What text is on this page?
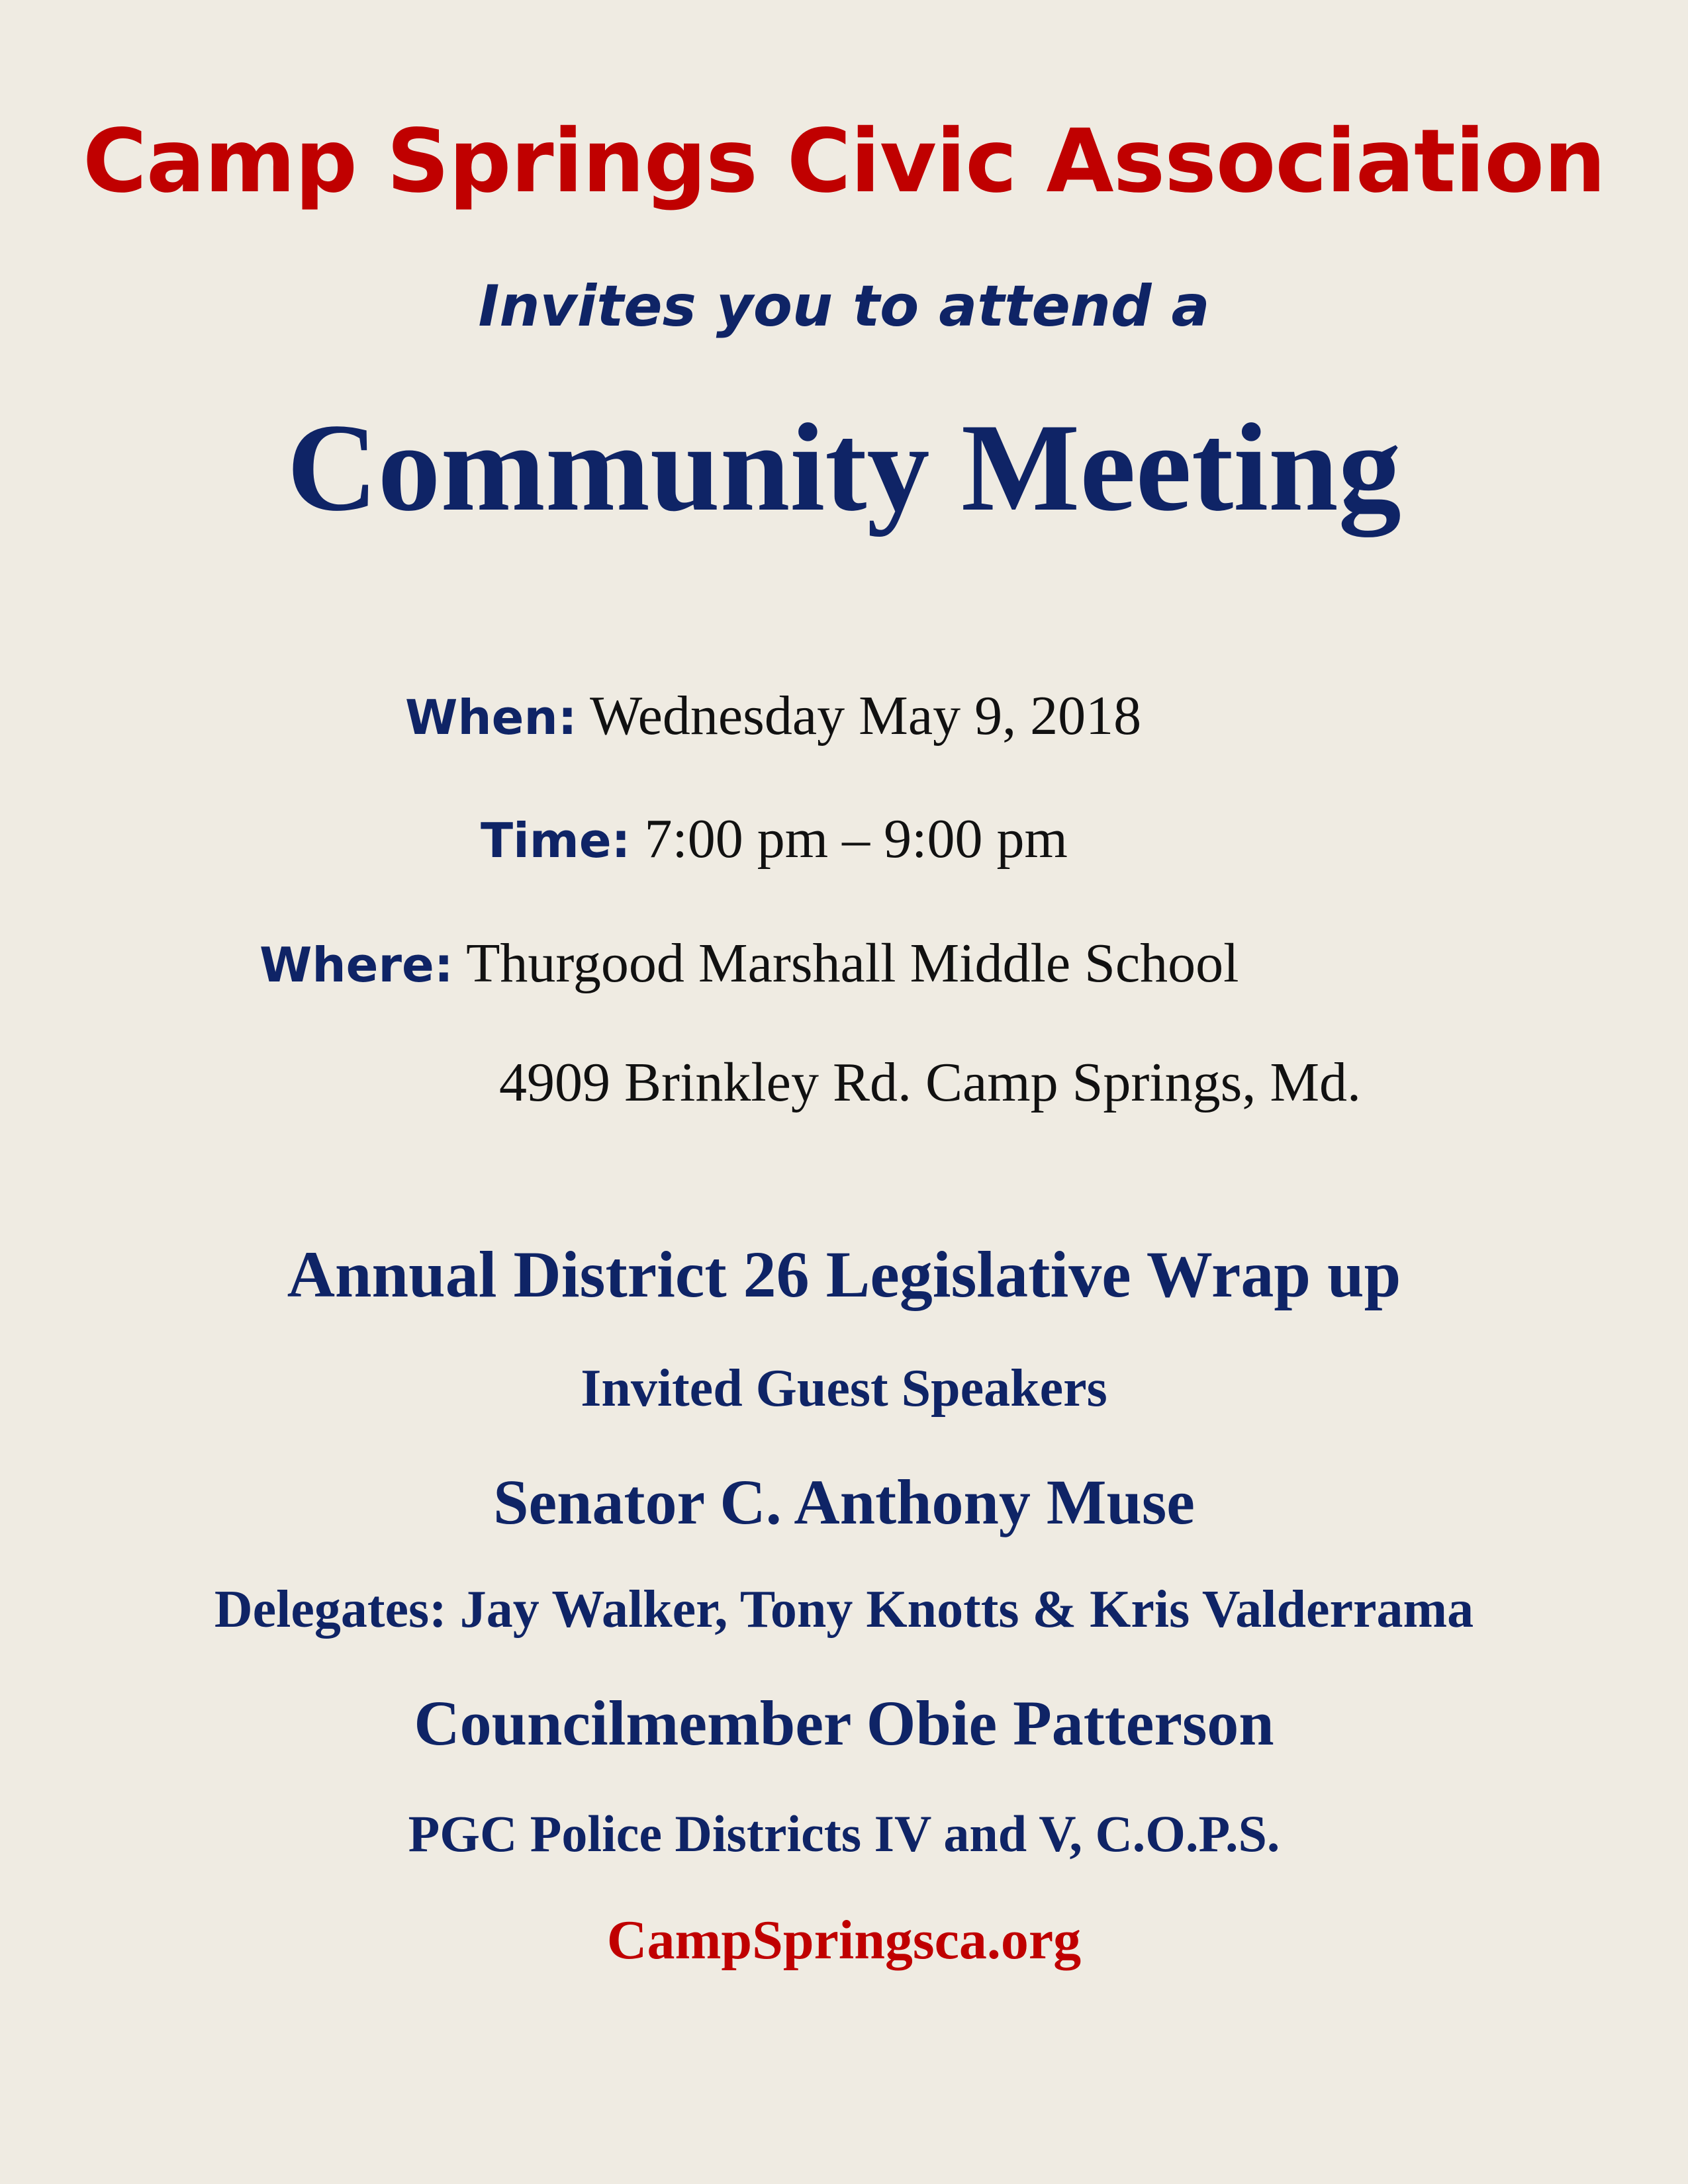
Camp Springs Civic Association
Invites you to attend a
Community Meeting
When: Wednesday May 9, 2018
Time: 7:00 pm – 9:00 pm
Where: Thurgood Marshall Middle School
4909 Brinkley Rd. Camp Springs, Md.
Annual District 26 Legislative Wrap up
Invited Guest Speakers
Senator C. Anthony Muse
Delegates: Jay Walker, Tony Knotts & Kris Valderrama
Councilmember Obie Patterson
PGC Police Districts IV and V, C.O.P.S.
CampSpringsca.org
